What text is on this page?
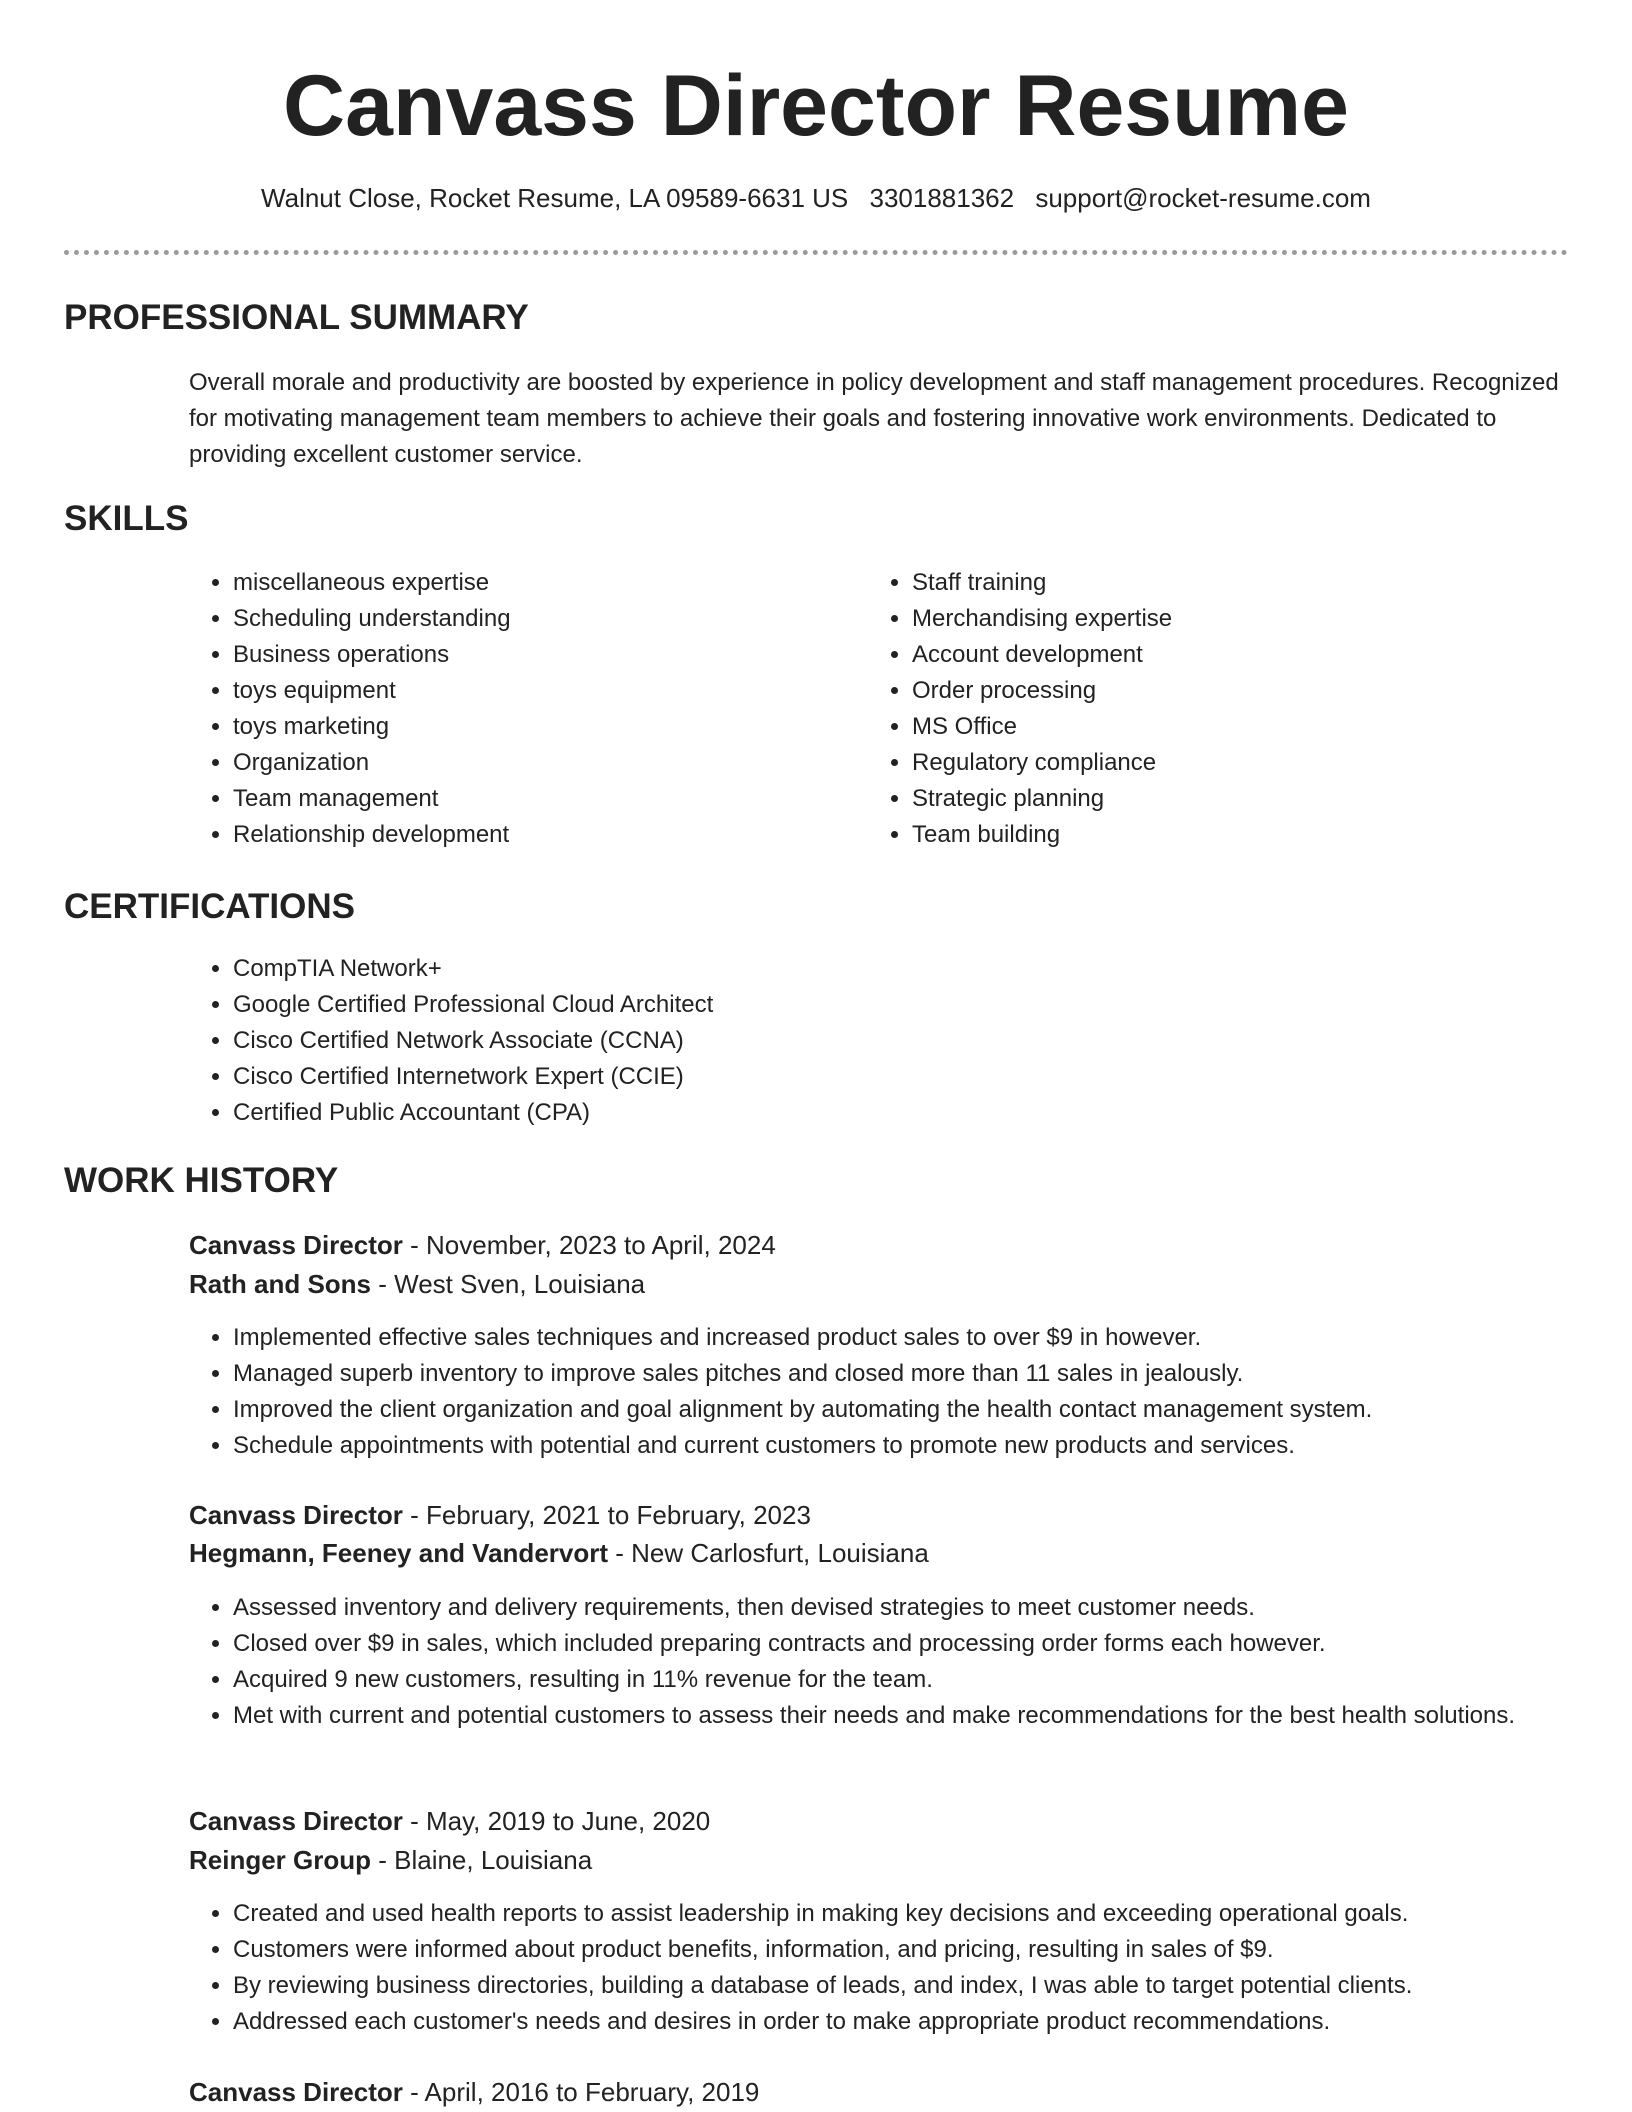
Canvass Director Resume
Walnut Close, Rocket Resume, LA 09589-6631 US 3301881362 support@rocket-resume.com
PROFESSIONAL SUMMARY

Overall morale and productivity are boosted by experience in policy development and staff management procedures. Recognized for motivating management team members to achieve their goals and fostering innovative work environments. Dedicated to providing excellent customer service.

SKILLS
• miscellaneous expertise
• Scheduling understanding
• Business operations
• toys equipment
• toys marketing
• Organization
• Team management
• Relationship development
• Staff training
• Merchandising expertise
• Account development
• Order processing
• MS Office
• Regulatory compliance
• Strategic planning
• Team building
CERTIFICATIONS
• CompTIA Network+
• Google Certified Professional Cloud Architect
• Cisco Certified Network Associate (CCNA)
• Cisco Certified Internetwork Expert (CCIE)
• Certified Public Accountant (CPA)
WORK HISTORY
Canvass Director - November, 2023 to April, 2024
Rath and Sons - West Sven, Louisiana
• Implemented effective sales techniques and increased product sales to over $9 in however.
• Managed superb inventory to improve sales pitches and closed more than 11 sales in jealously.
• Improved the client organization and goal alignment by automating the health contact management system.
• Schedule appointments with potential and current customers to promote new products and services.
Canvass Director - February, 2021 to February, 2023
Hegmann, Feeney and Vandervort - New Carlosfurt, Louisiana
• Assessed inventory and delivery requirements, then devised strategies to meet customer needs.
• Closed over $9 in sales, which included preparing contracts and processing order forms each however.
• Acquired 9 new customers, resulting in 11% revenue for the team.
• Met with current and potential customers to assess their needs and make recommendations for the best health solutions.
Canvass Director - May, 2019 to June, 2020
Reinger Group - Blaine, Louisiana
• Created and used health reports to assist leadership in making key decisions and exceeding operational goals.
• Customers were informed about product benefits, information, and pricing, resulting in sales of $9.
• By reviewing business directories, building a database of leads, and index, I was able to target potential clients.
• Addressed each customer's needs and desires in order to make appropriate product recommendations.
Canvass Director - April, 2016 to February, 2019
